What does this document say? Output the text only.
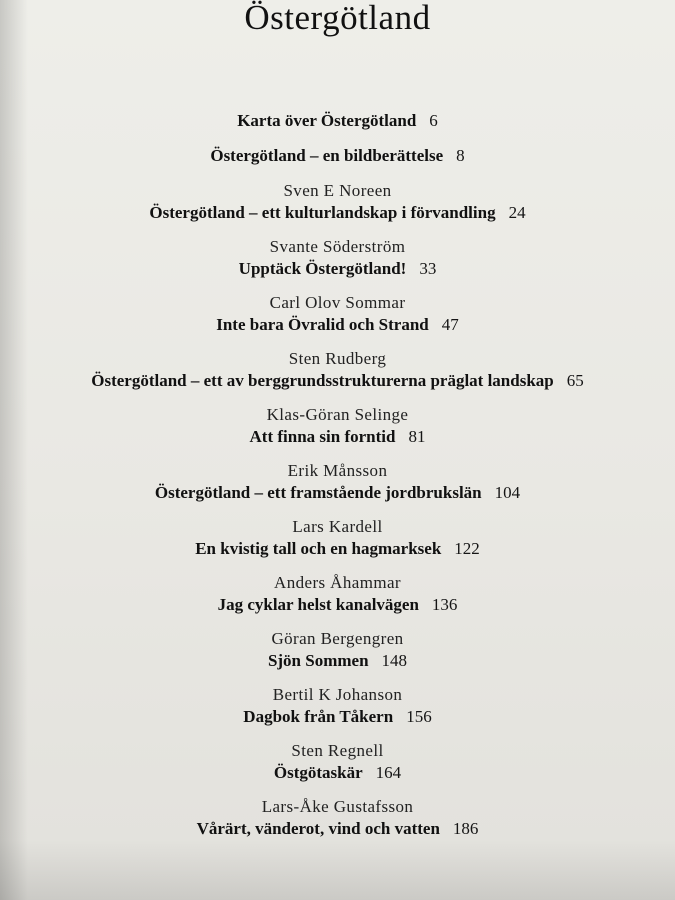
Östergötland
Karta över Östergötland 6
Östergötland – en bildberättelse 8
Sven E Noreen
Östergötland – ett kulturlandskap i förvandling 24
Svante Söderström
Upptäck Östergötland! 33
Carl Olov Sommar
Inte bara Övralid och Strand 47
Sten Rudberg
Östergötland – ett av berggrundsstrukturerna präglat landskap 65
Klas-Göran Selinge
Att finna sin forntid 81
Erik Månsson
Östergötland – ett framstående jordbrukslän 104
Lars Kardell
En kvistig tall och en hagmarksek 122
Anders Åhammar
Jag cyklar helst kanalvägen 136
Göran Bergengren
Sjön Sommen 148
Bertil K Johanson
Dagbok från Tåkern 156
Sten Regnell
Östgötaskär 164
Lars-Åke Gustafsson
Vårärt, vänderot, vind och vatten 186
